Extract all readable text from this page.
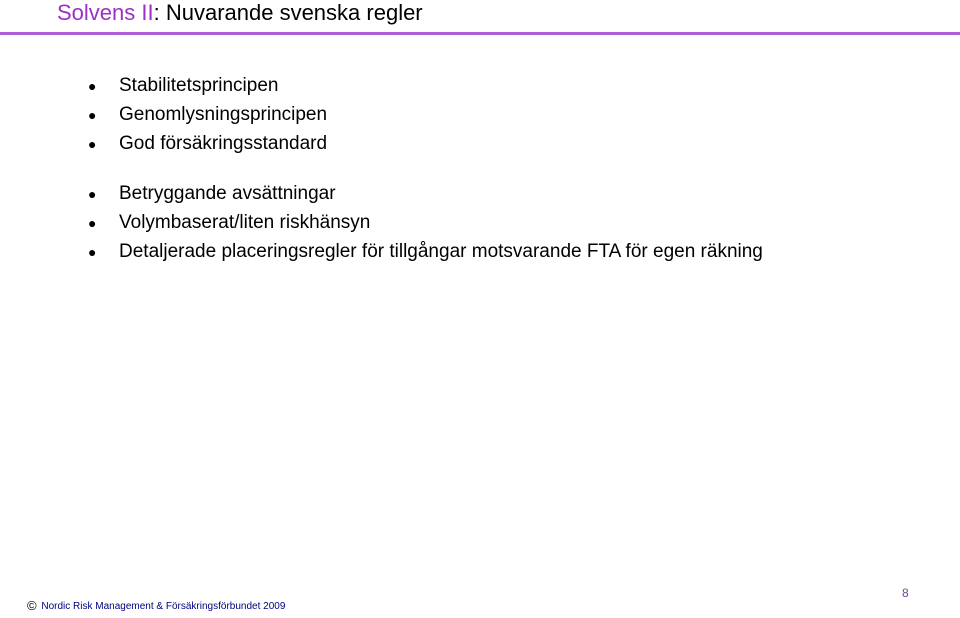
Solvens II: Nuvarande svenska regler
● Stabilitetsprincipen
● Genomlysningsprincipen
● God försäkringsstandard
● Betryggande avsättningar
● Volymbaserat/liten riskhänsyn
● Detaljerade placeringsregler för tillgångar motsvarande FTA för egen räkning
© Nordic Risk Management & Försäkringsförbundet 2009
8
